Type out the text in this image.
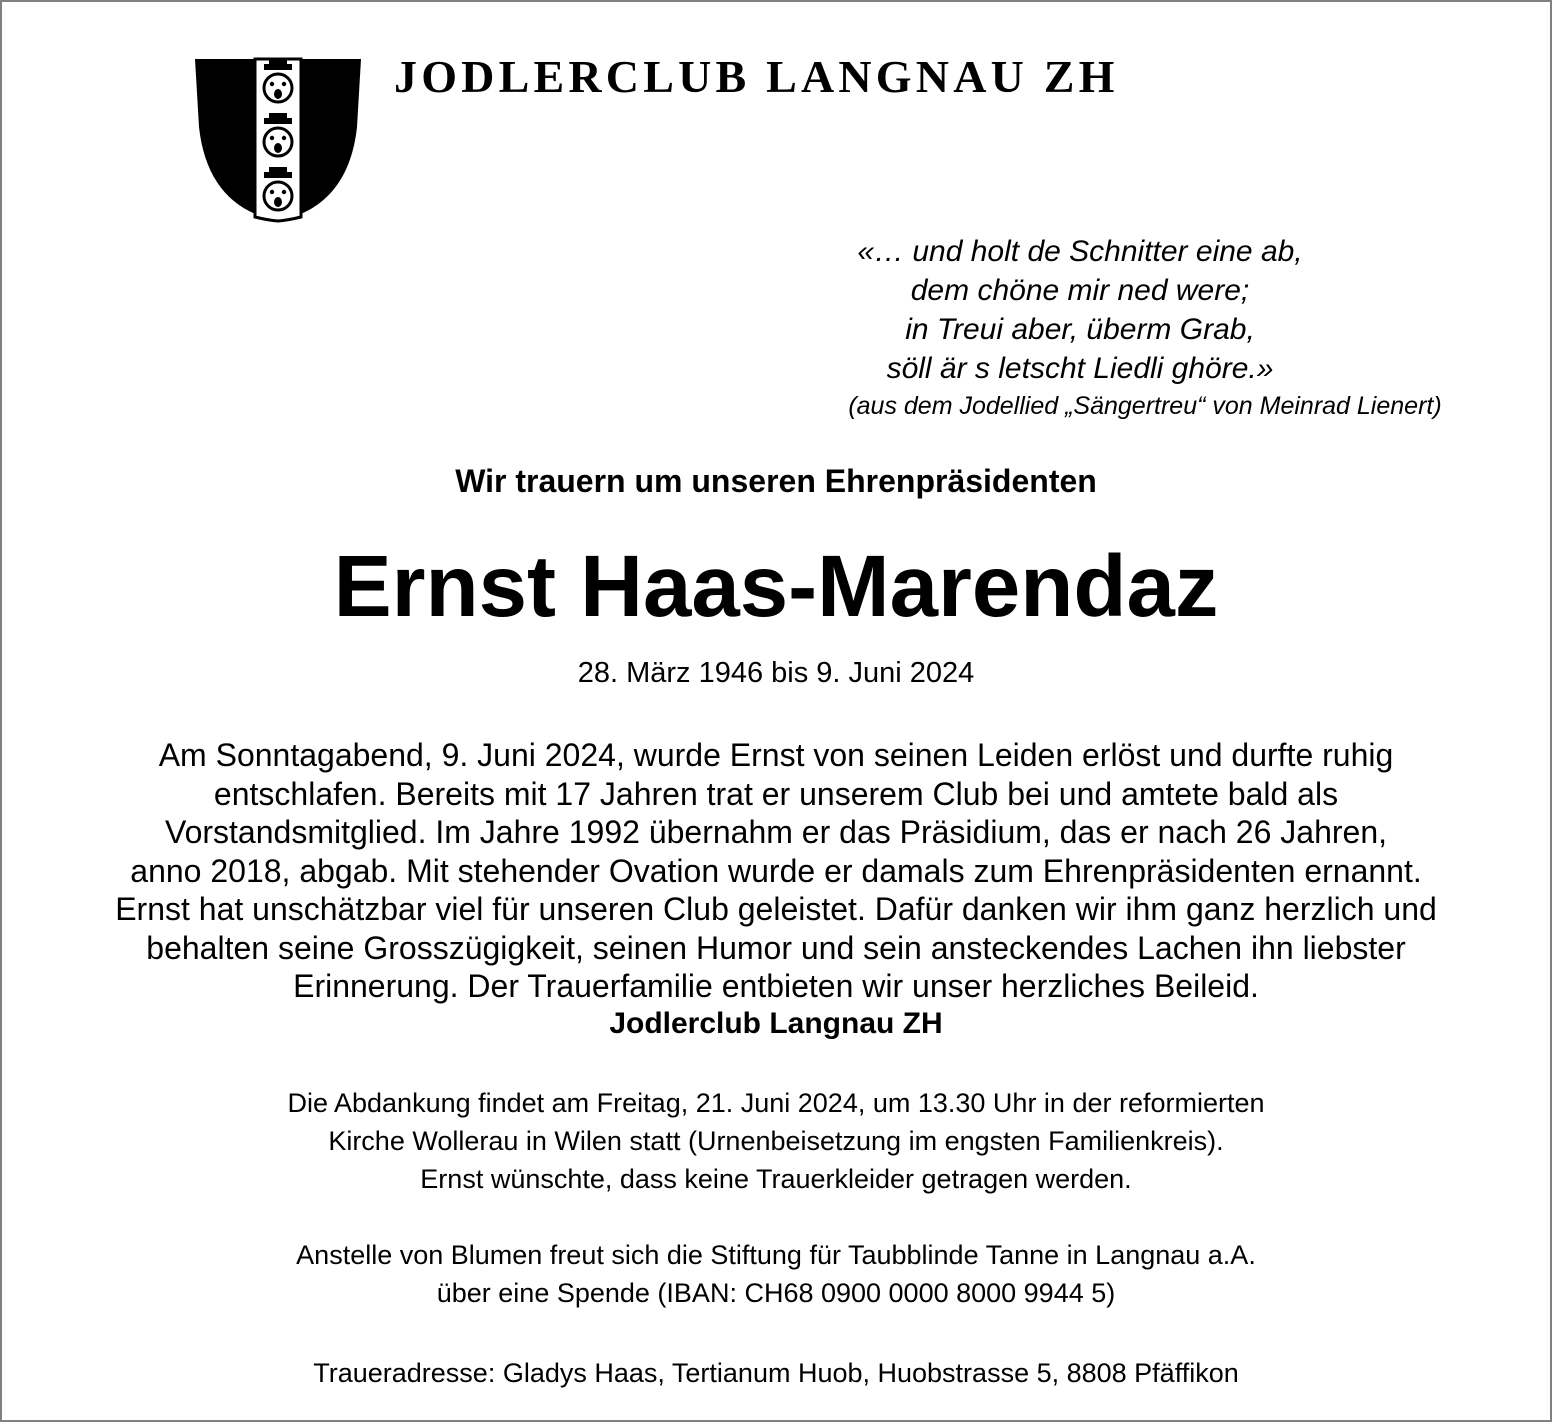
JODLERCLUB LANGNAU ZH
«… und holt de Schnitter eine ab,
dem chöne mir ned were;
in Treui aber, überm Grab,
söll är s letscht Liedli ghöre.»
(aus dem Jodellied „Sängertreu“ von Meinrad Lienert)
Wir trauern um unseren Ehrenpräsidenten
Ernst Haas-Marendaz
28. März 1946 bis 9. Juni 2024
Am Sonntagabend, 9. Juni 2024, wurde Ernst von seinen Leiden erlöst und durfte ruhig
entschlafen. Bereits mit 17 Jahren trat er unserem Club bei und amtete bald als
Vorstandsmitglied. Im Jahre 1992 übernahm er das Präsidium, das er nach 26 Jahren,
anno 2018, abgab. Mit stehender Ovation wurde er damals zum Ehrenpräsidenten ernannt.
Ernst hat unschätzbar viel für unseren Club geleistet. Dafür danken wir ihm ganz herzlich und
behalten seine Grosszügigkeit, seinen Humor und sein ansteckendes Lachen ihn liebster
Erinnerung. Der Trauerfamilie entbieten wir unser herzliches Beileid.
Jodlerclub Langnau ZH
Die Abdankung findet am Freitag, 21. Juni 2024, um 13.30 Uhr in der reformierten
Kirche Wollerau in Wilen statt (Urnenbeisetzung im engsten Familienkreis).
Ernst wünschte, dass keine Trauerkleider getragen werden.
Anstelle von Blumen freut sich die Stiftung für Taubblinde Tanne in Langnau a.A.
über eine Spende (IBAN: CH68 0900 0000 8000 9944 5)
Traueradresse: Gladys Haas, Tertianum Huob, Huobstrasse 5, 8808 Pfäffikon
